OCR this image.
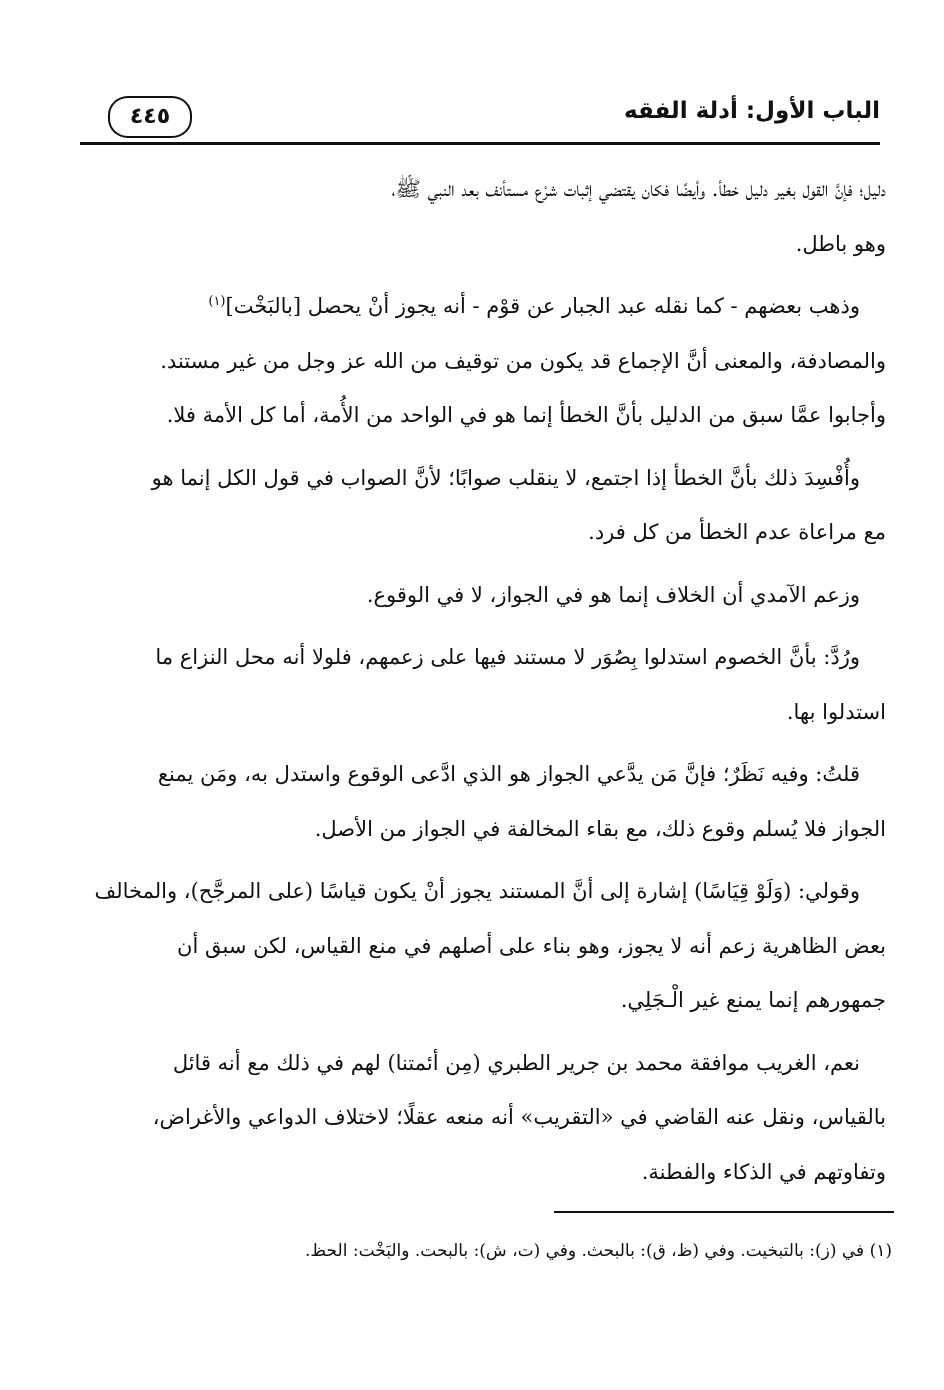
الباب الأول: أدلة الفقه
٤٤٥

دليل؛ فإنَّ القول بغير دليل خطأ. وأيضًا فكان يقتضي إثبات شرْع مستأنف بعد النبي ﷺ،
وهو باطل.

وذهب بعضهم - كما نقله عبد الجبار عن قوْم - أنه يجوز أنْ يحصل [بالبَخْت]$^{(١)}$
والمصادفة، والمعنى أنَّ الإجماع قد يكون من توقيف من الله عز وجل من غير مستند.
وأجابوا عمَّا سبق من الدليل بأنَّ الخطأ إنما هو في الواحد من الأُمة، أما كل الأمة فلا.

وأُفْسِدَ ذلك بأنَّ الخطأ إذا اجتمع، لا ينقلب صوابًا؛ لأنَّ الصواب في قول الكل إنما هو
مع مراعاة عدم الخطأ من كل فرد.

وزعم الآمدي أن الخلاف إنما هو في الجواز، لا في الوقوع.

ورُدَّ: بأنَّ الخصوم استدلوا بِصُوَر لا مستند فيها على زعمهم، فلولا أنه محل النزاع ما
استدلوا بها.

قلتُ: وفيه نَظَرٌ؛ فإنَّ مَن يدَّعي الجواز هو الذي ادَّعى الوقوع واستدل به، ومَن يمنع
الجواز فلا يُسلم وقوع ذلك، مع بقاء المخالفة في الجواز من الأصل.

وقولي: (وَلَوْ قِيَاسًا) إشارة إلى أنَّ المستند يجوز أنْ يكون قياسًا (على المرجَّح)، والمخالف
بعض الظاهرية زعم أنه لا يجوز، وهو بناء على أصلهم في منع القياس، لكن سبق أن
جمهورهم إنما يمنع غير الْـجَلِي.

نعم، الغريب موافقة محمد بن جرير الطبري (مِن أئمتنا) لهم في ذلك مع أنه قائل
بالقياس، ونقل عنه القاضي في «التقريب» أنه منعه عقلًا؛ لاختلاف الدواعي والأغراض،
وتفاوتهم في الذكاء والفطنة.

(١) في (ز): بالتبخيت. وفي (ظ، ق): بالبحث. وفي (ت، ش): بالبحت. والبَخْت: الحظ.
